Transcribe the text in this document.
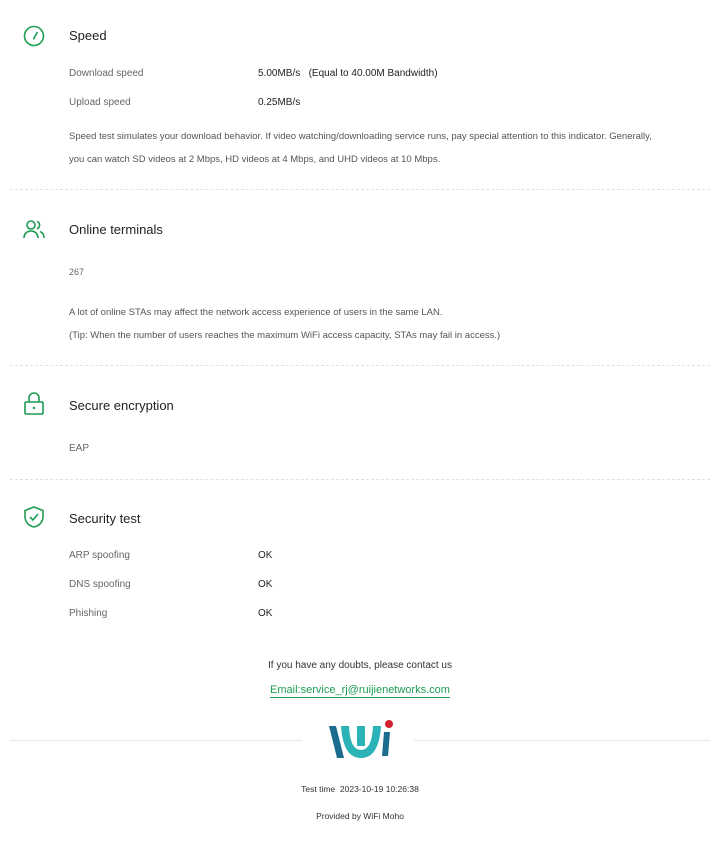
Speed
Download speed	5.00MB/s   (Equal to 40.00M Bandwidth)
Upload speed	0.25MB/s
Speed test simulates your download behavior. If video watching/downloading service runs, pay special attention to this indicator. Generally,
you can watch SD videos at 2 Mbps, HD videos at 4 Mbps, and UHD videos at 10 Mbps.
Online terminals
267
A lot of online STAs may affect the network access experience of users in the same LAN.
(Tip: When the number of users reaches the maximum WiFi access capacity, STAs may fail in access.)
Secure encryption
EAP
Security test
ARP spoofing	OK
DNS spoofing	OK
Phishing	OK
If you have any doubts, please contact us
Email:service_rj@ruijienetworks.com
Test time  2023-10-19 10:26:38
Provided by WiFi Moho
